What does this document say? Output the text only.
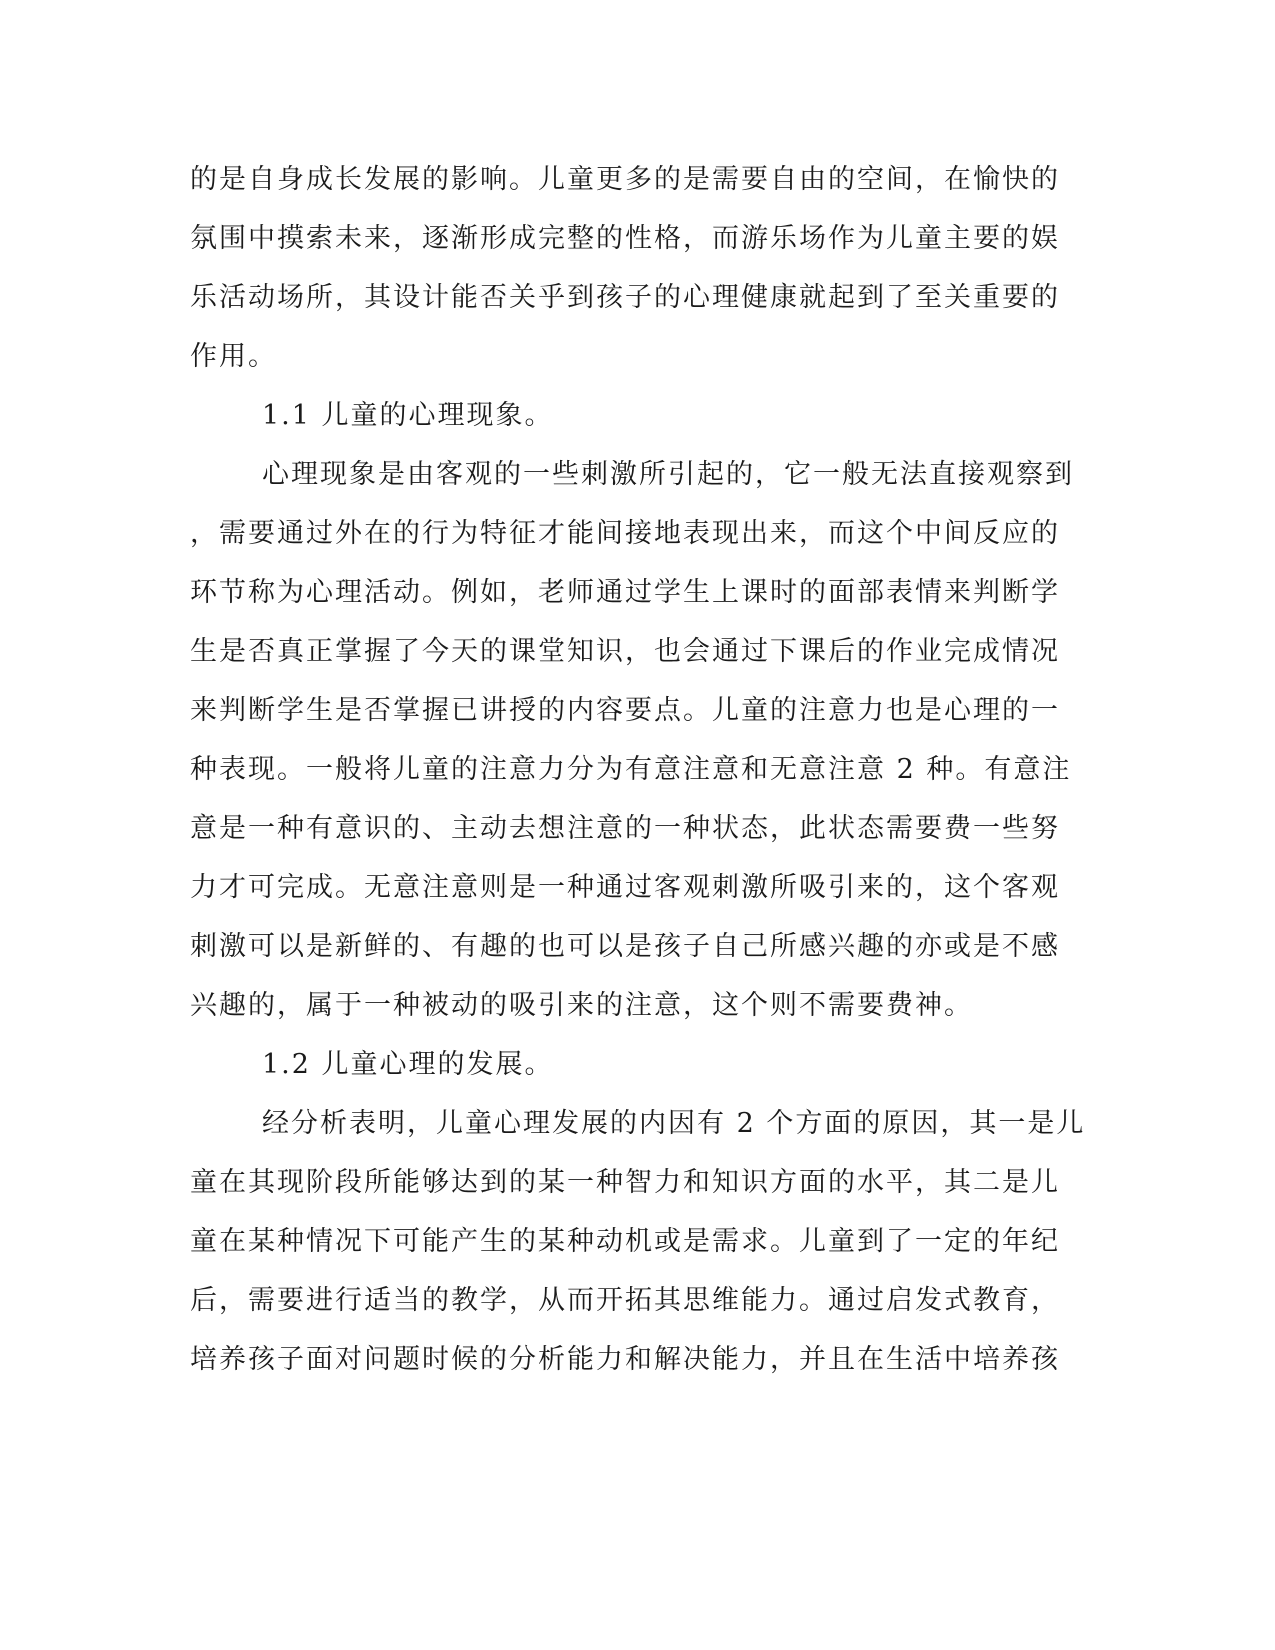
的是自身成长发展的影响。儿童更多的是需要自由的空间，在愉快的
氛围中摸索未来，逐渐形成完整的性格，而游乐场作为儿童主要的娱
乐活动场所，其设计能否关乎到孩子的心理健康就起到了至关重要的
作用。
1.1 儿童的心理现象。
心理现象是由客观的一些刺激所引起的，它一般无法直接观察到
，需要通过外在的行为特征才能间接地表现出来，而这个中间反应的
环节称为心理活动。例如，老师通过学生上课时的面部表情来判断学
生是否真正掌握了今天的课堂知识，也会通过下课后的作业完成情况
来判断学生是否掌握已讲授的内容要点。儿童的注意力也是心理的一
种表现。一般将儿童的注意力分为有意注意和无意注意 2 种。有意注
意是一种有意识的、主动去想注意的一种状态，此状态需要费一些努
力才可完成。无意注意则是一种通过客观刺激所吸引来的，这个客观
刺激可以是新鲜的、有趣的也可以是孩子自己所感兴趣的亦或是不感
兴趣的，属于一种被动的吸引来的注意，这个则不需要费神。
1.2 儿童心理的发展。
经分析表明，儿童心理发展的内因有 2 个方面的原因，其一是儿
童在其现阶段所能够达到的某一种智力和知识方面的水平，其二是儿
童在某种情况下可能产生的某种动机或是需求。儿童到了一定的年纪
后，需要进行适当的教学，从而开拓其思维能力。通过启发式教育，
培养孩子面对问题时候的分析能力和解决能力，并且在生活中培养孩
